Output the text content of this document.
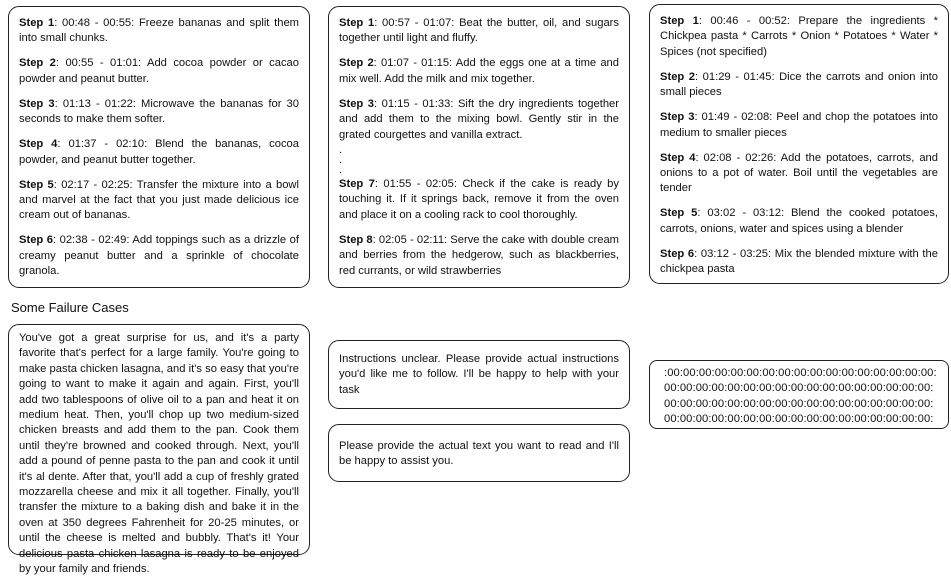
Step 1: 00:48 - 00:55: Freeze bananas and split them into small chunks.

Step 2: 00:55 - 01:01: Add cocoa powder or cacao powder and peanut butter.

Step 3: 01:13 - 01:22: Microwave the bananas for 30 seconds to make them softer.

Step 4: 01:37 - 02:10: Blend the bananas, cocoa powder, and peanut butter together.

Step 5: 02:17 - 02:25: Transfer the mixture into a bowl and marvel at the fact that you just made delicious ice cream out of bananas.

Step 6: 02:38 - 02:49: Add toppings such as a drizzle of creamy peanut butter and a sprinkle of chocolate granola.

Step 1: 00:57 - 01:07: Beat the butter, oil, and sugars together until light and fluffy.

Step 2: 01:07 - 01:15: Add the eggs one at a time and mix well. Add the milk and mix together.

Step 3: 01:15 - 01:33: Sift the dry ingredients together and add them to the mixing bowl. Gently stir in the grated courgettes and vanilla extract.

.

.

.

Step 7: 01:55 - 02:05: Check if the cake is ready by touching it. If it springs back, remove it from the oven and place it on a cooling rack to cool thoroughly.

Step 8: 02:05 - 02:11: Serve the cake with double cream and berries from the hedgerow, such as blackberries, red currants, or wild strawberries

Step 1: 00:46 - 00:52: Prepare the ingredients * Chickpea pasta * Carrots * Onion * Potatoes * Water * Spices (not specified)

Step 2: 01:29 - 01:45: Dice the carrots and onion into small pieces

Step 3: 01:49 - 02:08: Peel and chop the potatoes into medium to smaller pieces

Step 4: 02:08 - 02:26: Add the potatoes, carrots, and onions to a pot of water. Boil until the vegetables are tender

Step 5: 03:02 - 03:12: Blend the cooked potatoes, carrots, onions, water and spices using a blender

Step 6: 03:12 - 03:25: Mix the blended mixture with the chickpea pasta

Some Failure Cases

You've got a great surprise for us, and it's a party favorite that's perfect for a large family. You're going to make pasta chicken lasagna, and it's so easy that you're going to want to make it again and again. First, you'll add two tablespoons of olive oil to a pan and heat it on medium heat. Then, you'll chop up two medium-sized chicken breasts and add them to the pan. Cook them until they're browned and cooked through. Next, you'll add a pound of penne pasta to the pan and cook it until it's al dente. After that, you'll add a cup of freshly grated mozzarella cheese and mix it all together. Finally, you'll transfer the mixture to a baking dish and bake it in the oven at 350 degrees Fahrenheit for 20-25 minutes, or until the cheese is melted and bubbly. That's it! Your delicious pasta chicken lasagna is ready to be enjoyed by your family and friends.

Instructions unclear. Please provide actual instructions you'd like me to follow. I'll be happy to help with your task

Please provide the actual text you want to read and I'll be happy to assist you.

:00:00:00:00:00:00:00:00:00:00:00:00:00:00:00:00:00:
00:00:00:00:00:00:00:00:00:00:00:00:00:00:00:00:00:
00:00:00:00:00:00:00:00:00:00:00:00:00:00:00:00:00:
00:00:00:00:00:00:00:00:00:00:00:00:00:00:00:00:00:
